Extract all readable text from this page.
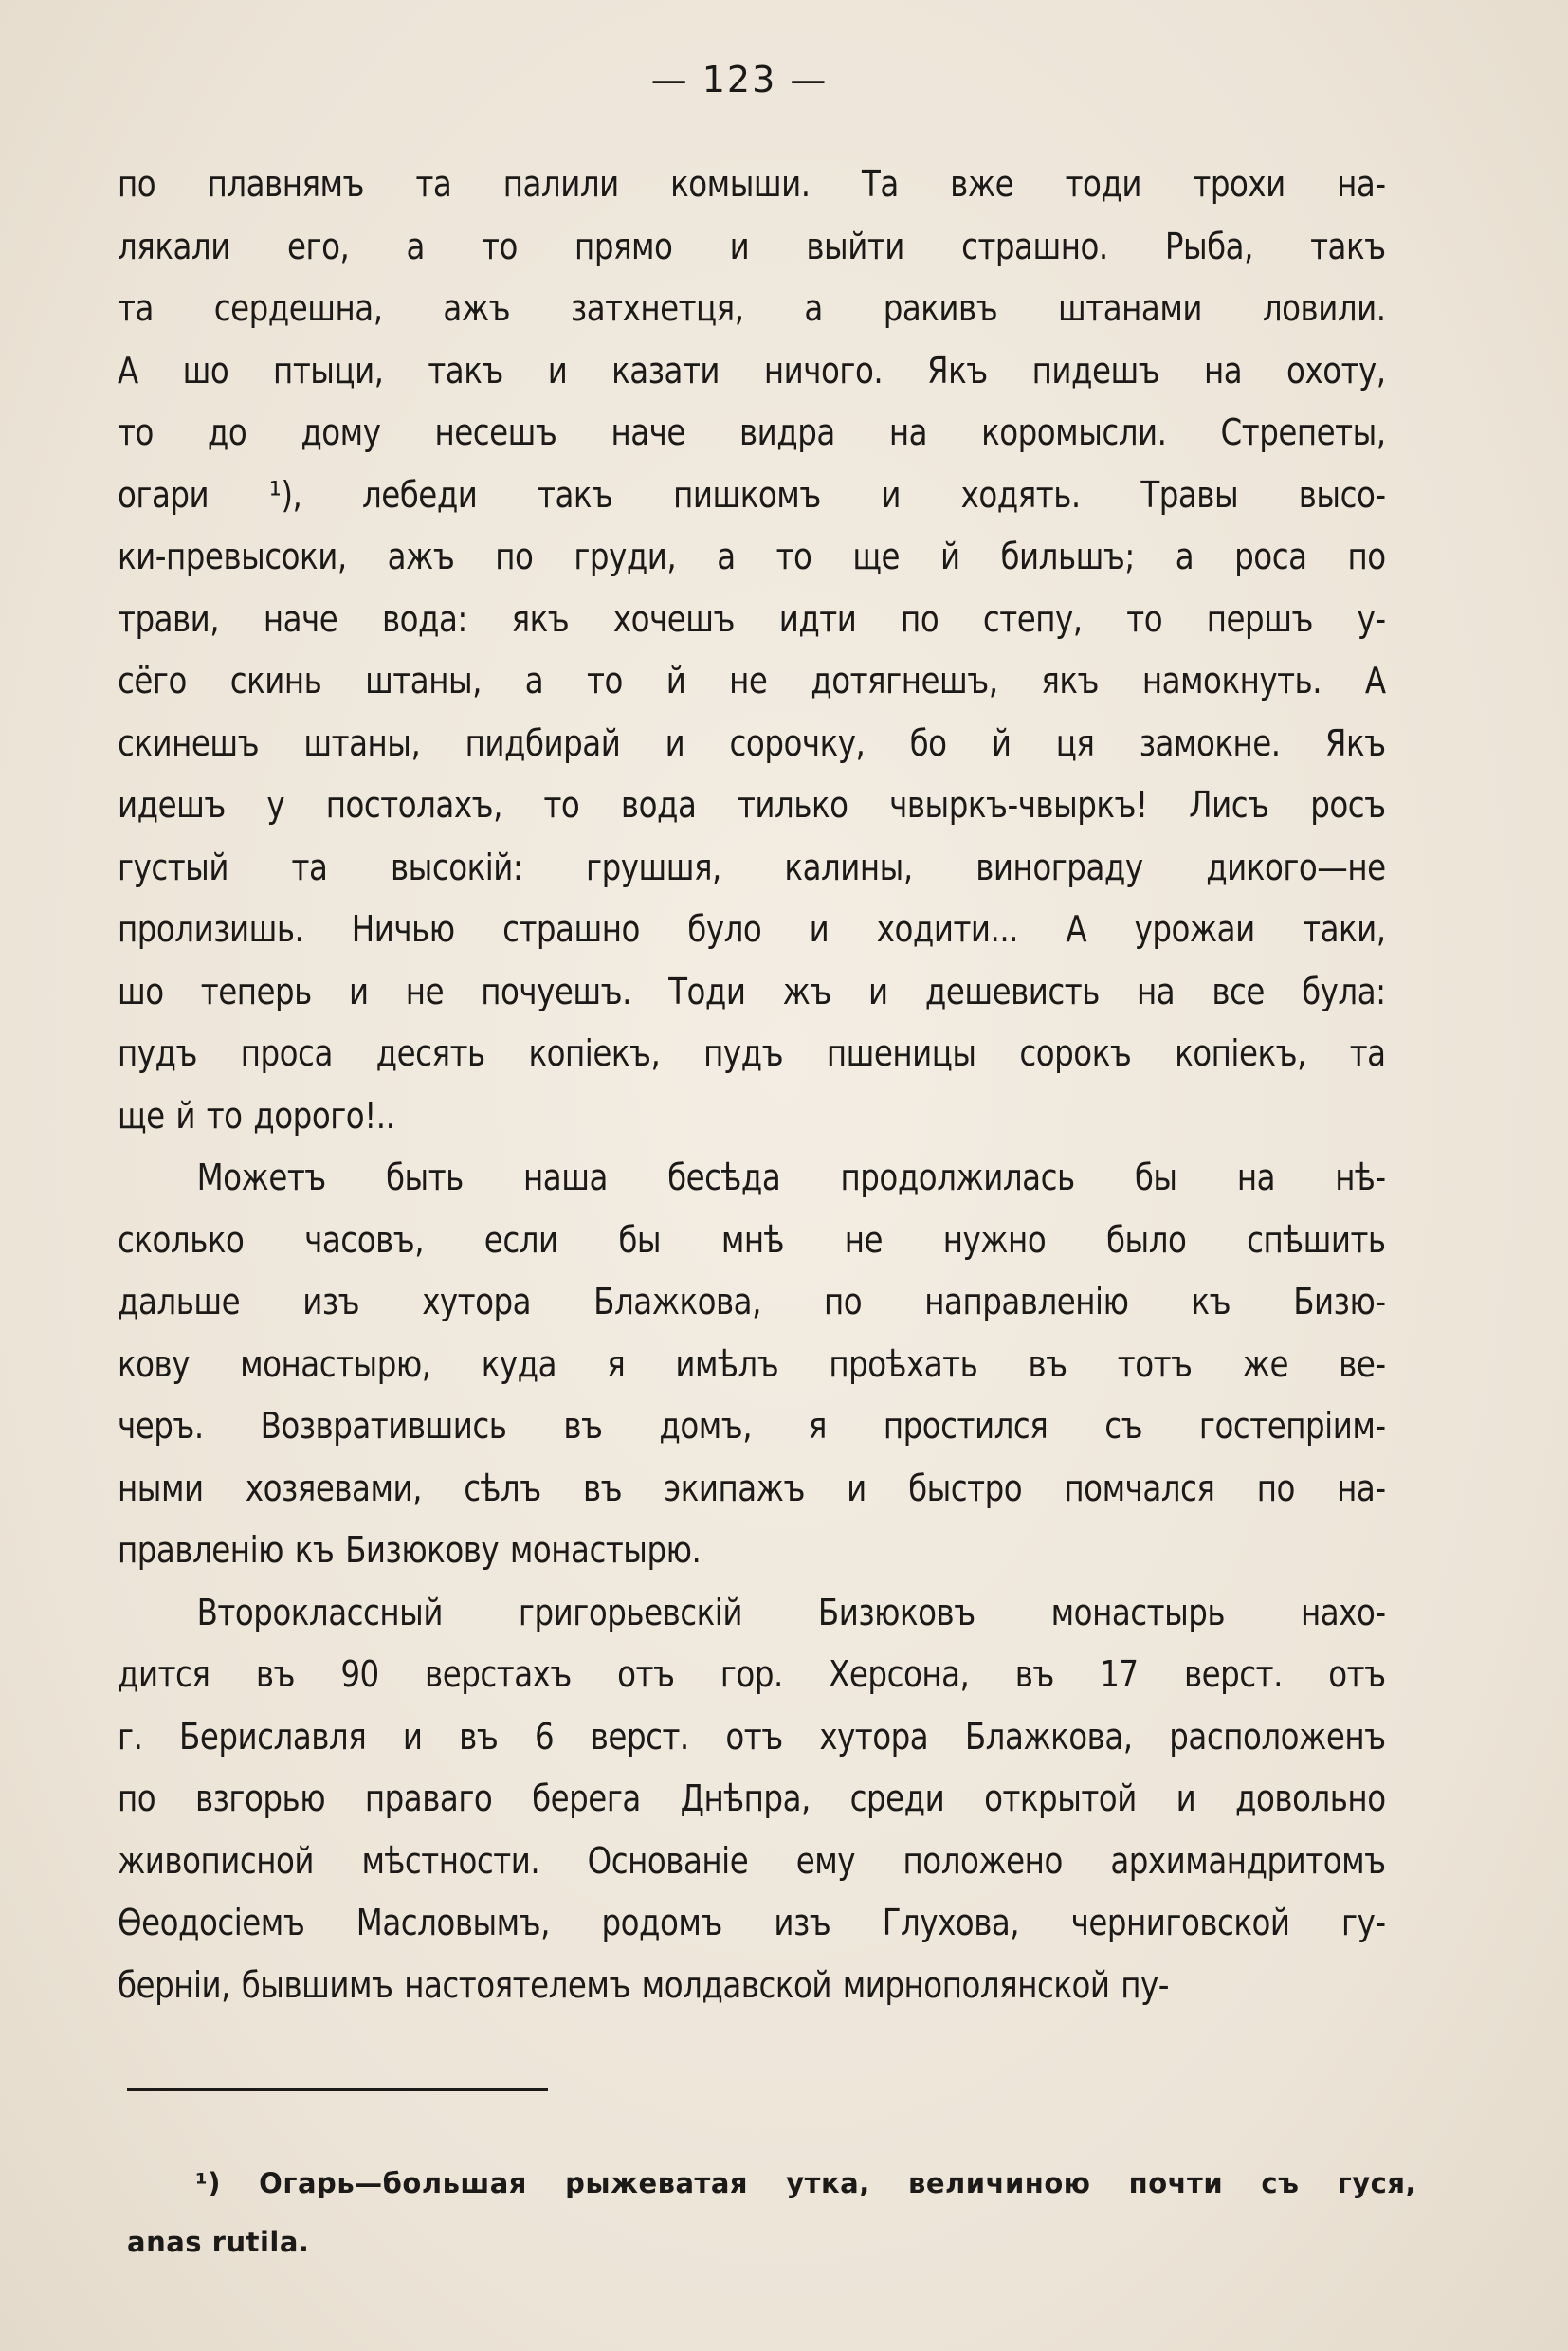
— 123 —
по плавнямъ та палили комыши. Та вже тоди трохи на-
лякали его, а то прямо и выйти страшно. Рыба, такъ
та сердешна, ажъ затхнетця, а ракивъ штанами ловили.
А шо птыци, такъ и казати ничого. Якъ пидешъ на охоту,
то до дому несешъ наче видра на коромысли. Стрепеты,
огари ¹), лебеди такъ пишкомъ и ходять. Травы высо-
ки-превысоки, ажъ по груди, а то ще й бильшъ; а роса по
трави, наче вода: якъ хочешъ идти по степу, то першъ у-
сёго скинь штаны, а то й не дотягнешъ, якъ намокнуть. А
скинешъ штаны, пидбирай и сорочку, бо й ця замокне. Якъ
идешъ у постолахъ, то вода тилько чвыркъ-чвыркъ! Лисъ росъ
густый та высокій: грушшя, калины, винограду дикого—не
пролизишь. Ничью страшно було и ходити... А урожаи таки,
шо теперь и не почуешъ. Тоди жъ и дешевисть на все була:
пудъ проса десять копіекъ, пудъ пшеницы сорокъ копіекъ, та
ще й то дорого!..
Можетъ быть наша бесѣда продолжилась бы на нѣ-
сколько часовъ, если бы мнѣ не нужно было спѣшить
дальше изъ хутора Блажкова, по направленію къ Бизю-
кову монастырю, куда я имѣлъ проѣхать въ тотъ же ве-
черъ. Возвратившись въ домъ, я простился съ гостепріим-
ными хозяевами, сѣлъ въ экипажъ и быстро помчался по на-
правленію къ Бизюкову монастырю.
Второклассный григорьевскій Бизюковъ монастырь нахо-
дится въ 90 верстахъ отъ гор. Херсона, въ 17 верст. отъ
г. Бериславля и въ 6 верст. отъ хутора Блажкова, расположенъ
по взгорью праваго берега Днѣпра, среди открытой и довольно
живописной мѣстности. Основаніе ему положено архимандритомъ
Ѳеодосіемъ Масловымъ, родомъ изъ Глухова, черниговской гу-
берніи, бывшимъ настоятелемъ молдавской мирнополянской пу-
¹) Огарь—большая рыжеватая утка, величиною почти съ гуся,
anas rutila.
